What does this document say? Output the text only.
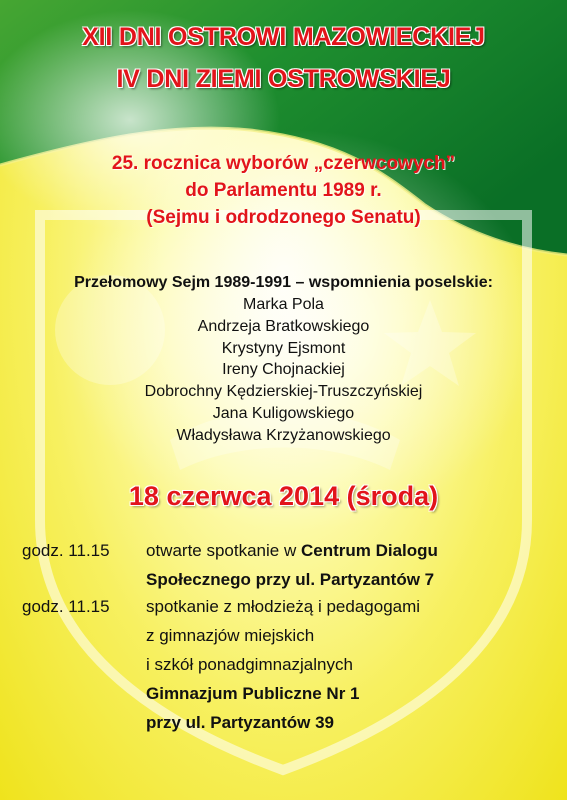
XII DNI OSTROWI MAZOWIECKIEJ
IV DNI ZIEMI OSTROWSKIEJ
25. rocznica wyborów „czerwcowych”
do Parlamentu 1989 r.
(Sejmu i odrodzonego Senatu)
Przełomowy Sejm 1989-1991 – wspomnienia poselskie:
Marka Pola
Andrzeja Bratkowskiego
Krystyny Ejsmont
Ireny Chojnackiej
Dobrochny Kędzierskiej-Truszczyńskiej
Jana Kuligowskiego
Władysława Krzyżanowskiego
18 czerwca 2014 (środa)
godz. 11.15 otwarte spotkanie w Centrum Dialogu
Społecznego przy ul. Partyzantów 7
godz. 11.15 spotkanie z młodzieżą i pedagogami
z gimnazjów miejskich
i szkół ponadgimnazjalnych
Gimnazjum Publiczne Nr 1
przy ul. Partyzantów 39
